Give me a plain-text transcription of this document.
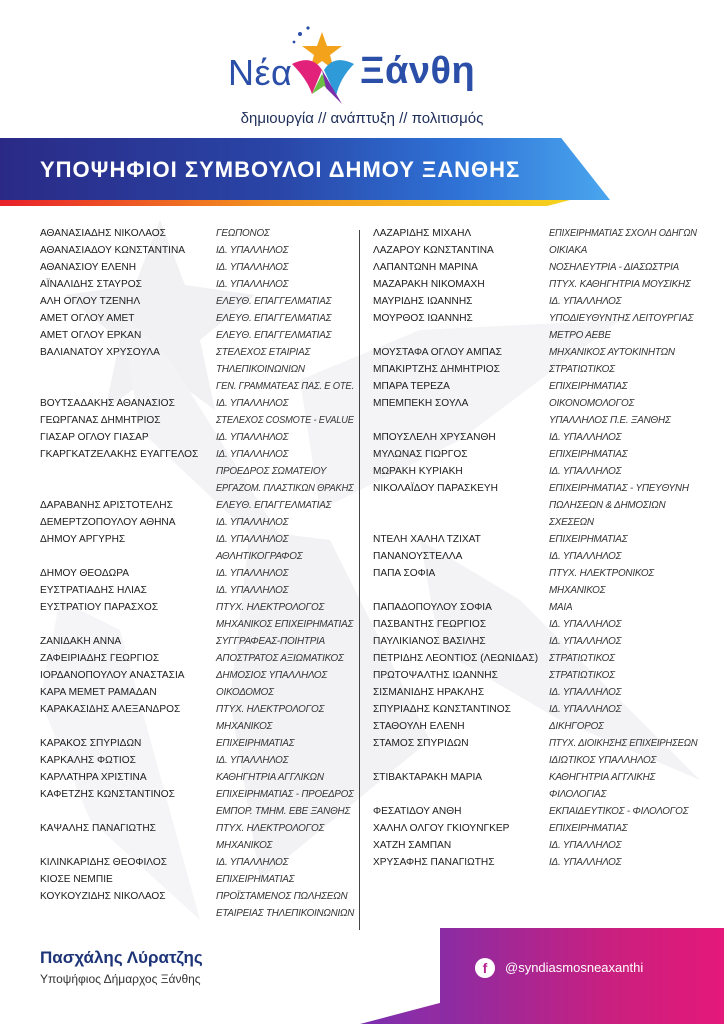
Νέα Ξάνθη
δημιουργία // ανάπτυξη // πολιτισμός
ΥΠΟΨΗΦΙΟΙ ΣΥΜΒΟΥΛΟΙ ΔΗΜΟΥ ΞΑΝΘΗΣ
ΑΘΑΝΑΣΙΑΔΗΣ ΝΙΚΟΛΑΟΣ	ΓΕΩΠΟΝΟΣ
ΑΘΑΝΑΣΙΑΔΟΥ ΚΩΝΣΤΑΝΤΙΝΑ	ΙΔ. ΥΠΑΛΛΗΛΟΣ
ΑΘΑΝΑΣΙΟΥ ΕΛΕΝΗ	ΙΔ. ΥΠΑΛΛΗΛΟΣ
ΑΪΝΑΛΙΔΗΣ ΣΤΑΥΡΟΣ	ΙΔ. ΥΠΑΛΛΗΛΟΣ
ΑΛΗ ΟΓΛΟΥ ΤΖΕΝΗΛ	ΕΛΕΥΘ. ΕΠΑΓΓΕΛΜΑΤΙΑΣ
ΑΜΕΤ ΟΓΛΟΥ ΑΜΕΤ	ΕΛΕΥΘ. ΕΠΑΓΓΕΛΜΑΤΙΑΣ
ΑΜΕΤ ΟΓΛΟΥ ΕΡΚΑΝ	ΕΛΕΥΘ. ΕΠΑΓΓΕΛΜΑΤΙΑΣ
ΒΑΛΙΑΝΑΤΟΥ ΧΡΥΣΟΥΛΑ	ΣΤΕΛΕΧΟΣ ΕΤΑΙΡΙΑΣ
ΤΗΛΕΠΙΚΟΙΝΩΝΙΩΝ
ΓΕΝ. ΓΡΑΜΜΑΤΕΑΣ ΠΑΣ. Ε ΟΤΕ.
ΒΟΥΤΣΑΔΑΚΗΣ ΑΘΑΝΑΣΙΟΣ	ΙΔ. ΥΠΑΛΛΗΛΟΣ
ΓΕΩΡΓΑΝΑΣ ΔΗΜΗΤΡΙΟΣ	ΣΤΕΛΕΧΟΣ COSMOTE - EVALUE
ΓΙΑΣΑΡ ΟΓΛΟΥ ΓΙΑΣΑΡ	ΙΔ. ΥΠΑΛΛΗΛΟΣ
ΓΚΑΡΓΚΑΤΖΕΛΑΚΗΣ ΕΥΑΓΓΕΛΟΣ	ΙΔ. ΥΠΑΛΛΗΛΟΣ
ΠΡΟΕΔΡΟΣ ΣΩΜΑΤΕΙΟΥ
ΕΡΓΑΖΟΜ. ΠΛΑΣΤΙΚΩΝ ΘΡΑΚΗΣ
ΔΑΡΑΒΑΝΗΣ ΑΡΙΣΤΟΤΕΛΗΣ	ΕΛΕΥΘ. ΕΠΑΓΓΕΛΜΑΤΙΑΣ
ΔΕΜΕΡΤΖΟΠΟΥΛΟΥ ΑΘΗΝΑ	ΙΔ. ΥΠΑΛΛΗΛΟΣ
ΔΗΜΟΥ ΑΡΓΥΡΗΣ	ΙΔ. ΥΠΑΛΛΗΛΟΣ
ΑΘΛΗΤΙΚΟΓΡΑΦΟΣ
ΔΗΜΟΥ ΘΕΟΔΩΡΑ	ΙΔ. ΥΠΑΛΛΗΛΟΣ
ΕΥΣΤΡΑΤΙΑΔΗΣ ΗΛΙΑΣ	ΙΔ. ΥΠΑΛΛΗΛΟΣ
ΕΥΣΤΡΑΤΙΟΥ ΠΑΡΑΣΧΟΣ	ΠΤΥΧ. ΗΛΕΚΤΡΟΛΟΓΟΣ
ΜΗΧΑΝΙΚΟΣ ΕΠΙΧΕΙΡΗΜΑΤΙΑΣ
ΖΑΝΙΔΑΚΗ ΑΝΝΑ	ΣΥΓΓΡΑΦΕΑΣ-ΠΟΙΗΤΡΙΑ
ΖΑΦΕΙΡΙΑΔΗΣ ΓΕΩΡΓΙΟΣ	ΑΠΟΣΤΡΑΤΟΣ ΑΞΙΩΜΑΤΙΚΟΣ
ΙΟΡΔΑΝΟΠΟΥΛΟΥ ΑΝΑΣΤΑΣΙΑ	ΔΗΜΟΣΙΟΣ ΥΠΑΛΛΗΛΟΣ
ΚΑΡΑ ΜΕΜΕΤ ΡΑΜΑΔΑΝ	ΟΙΚΟΔΟΜΟΣ
ΚΑΡΑΚΑΣΙΔΗΣ ΑΛΕΞΑΝΔΡΟΣ	ΠΤΥΧ. ΗΛΕΚΤΡΟΛΟΓΟΣ
ΜΗΧΑΝΙΚΟΣ
ΚΑΡΑΚΟΣ ΣΠΥΡΙΔΩΝ	ΕΠΙΧΕΙΡΗΜΑΤΙΑΣ
ΚΑΡΚΑΛΗΣ ΦΩΤΙΟΣ	ΙΔ. ΥΠΑΛΛΗΛΟΣ
ΚΑΡΛΑΤΗΡΑ ΧΡΙΣΤΙΝΑ	ΚΑΘΗΓΗΤΡΙΑ ΑΓΓΛΙΚΩΝ
ΚΑΦΕΤΖΗΣ ΚΩΝΣΤΑΝΤΙΝΟΣ	ΕΠΙΧΕΙΡΗΜΑΤΙΑΣ - ΠΡΟΕΔΡΟΣ
ΕΜΠΟΡ. ΤΜΗΜ. ΕΒΕ ΞΑΝΘΗΣ
ΚΑΨΑΛΗΣ ΠΑΝΑΓΙΩΤΗΣ	ΠΤΥΧ. ΗΛΕΚΤΡΟΛΟΓΟΣ
ΜΗΧΑΝΙΚΟΣ
ΚΙΛΙΝΚΑΡΙΔΗΣ ΘΕΟΦΙΛΟΣ	ΙΔ. ΥΠΑΛΛΗΛΟΣ
ΚΙΟΣΕ ΝΕΜΠΙΕ	ΕΠΙΧΕΙΡΗΜΑΤΙΑΣ
ΚΟΥΚΟΥΖΙΔΗΣ ΝΙΚΟΛΑΟΣ	ΠΡΟΪΣΤΑΜΕΝΟΣ ΠΩΛΗΣΕΩΝ
ΕΤΑΙΡΕΙΑΣ ΤΗΛΕΠΙΚΟΙΝΩΝΙΩΝ
ΛΑΖΑΡΙΔΗΣ ΜΙΧΑΗΛ	ΕΠΙΧΕΙΡΗΜΑΤΙΑΣ ΣΧΟΛΗ ΟΔΗΓΩΝ
ΛΑΖΑΡΟΥ ΚΩΝΣΤΑΝΤΙΝΑ	ΟΙΚΙΑΚΑ
ΛΑΠΑΝΤΩΝΗ ΜΑΡΙΝΑ	ΝΟΣΗΛΕΥΤΡΙΑ - ΔΙΑΣΩΣΤΡΙΑ
ΜΑΖΑΡΑΚΗ ΝΙΚΟΜΑΧΗ	ΠΤΥΧ. ΚΑΘΗΓΗΤΡΙΑ ΜΟΥΣΙΚΗΣ
ΜΑΥΡΙΔΗΣ ΙΩΑΝΝΗΣ	ΙΔ. ΥΠΑΛΛΗΛΟΣ
ΜΟΥΡΘΟΣ ΙΩΑΝΝΗΣ	ΥΠΟΔΙΕΥΘΥΝΤΗΣ ΛΕΙΤΟΥΡΓΙΑΣ
ΜΕΤΡΟ ΑΕΒΕ
ΜΟΥΣΤΑΦΑ ΟΓΛΟΥ ΑΜΠΑΣ	ΜΗΧΑΝΙΚΟΣ ΑΥΤΟΚΙΝΗΤΩΝ
ΜΠΑΚΙΡΤΖΗΣ ΔΗΜΗΤΡΙΟΣ	ΣΤΡΑΤΙΩΤΙΚΟΣ
ΜΠΑΡΑ ΤΕΡΕΖΑ	ΕΠΙΧΕΙΡΗΜΑΤΙΑΣ
ΜΠΕΜΠΕΚΗ ΣΟΥΛΑ	ΟΙΚΟΝΟΜΟΛΟΓΟΣ
ΥΠΑΛΛΗΛΟΣ Π.Ε. ΞΑΝΘΗΣ
ΜΠΟΥΣΛΕΛΗ ΧΡΥΣΑΝΘΗ	ΙΔ. ΥΠΑΛΛΗΛΟΣ
ΜΥΛΩΝΑΣ ΓΙΩΡΓΟΣ	ΕΠΙΧΕΙΡΗΜΑΤΙΑΣ
ΜΩΡΑΚΗ ΚΥΡΙΑΚΗ	ΙΔ. ΥΠΑΛΛΗΛΟΣ
ΝΙΚΟΛΑΪΔΟΥ ΠΑΡΑΣΚΕΥΗ	ΕΠΙΧΕΙΡΗΜΑΤΙΑΣ - ΥΠΕΥΘΥΝΗ
ΠΩΛΗΣΕΩΝ & ΔΗΜΟΣΙΩΝ
ΣΧΕΣΕΩΝ
ΝΤΕΛΗ ΧΑΛΗΛ ΤΖΙΧΑΤ	ΕΠΙΧΕΙΡΗΜΑΤΙΑΣ
ΠΑΝΑΝΟΥΣΤΕΛΛΑ	ΙΔ. ΥΠΑΛΛΗΛΟΣ
ΠΑΠΑ ΣΟΦΙΑ	ΠΤΥΧ. ΗΛΕΚΤΡΟΝΙΚΟΣ
ΜΗΧΑΝΙΚΟΣ
ΠΑΠΑΔΟΠΟΥΛΟΥ ΣΟΦΙΑ	ΜΑΙΑ
ΠΑΣΒΑΝΤΗΣ ΓΕΩΡΓΙΟΣ	ΙΔ. ΥΠΑΛΛΗΛΟΣ
ΠΑΥΛΙΚΙΑΝΟΣ ΒΑΣΙΛΗΣ	ΙΔ. ΥΠΑΛΛΗΛΟΣ
ΠΕΤΡΙΔΗΣ ΛΕΟΝΤΙΟΣ (ΛΕΩΝΙΔΑΣ)	ΣΤΡΑΤΙΩΤΙΚΟΣ
ΠΡΩΤΟΨΑΛΤΗΣ ΙΩΑΝΝΗΣ	ΣΤΡΑΤΙΩΤΙΚΟΣ
ΣΙΣΜΑΝΙΔΗΣ ΗΡΑΚΛΗΣ	ΙΔ. ΥΠΑΛΛΗΛΟΣ
ΣΠΥΡΙΑΔΗΣ ΚΩΝΣΤΑΝΤΙΝΟΣ	ΙΔ. ΥΠΑΛΛΗΛΟΣ
ΣΤΑΘΟΥΛΗ ΕΛΕΝΗ	ΔΙΚΗΓΟΡΟΣ
ΣΤΑΜΟΣ ΣΠΥΡΙΔΩΝ	ΠΤΥΧ. ΔΙΟΙΚΗΣΗΣ ΕΠΙΧΕΙΡΗΣΕΩΝ
ΙΔΙΩΤΙΚΟΣ ΥΠΑΛΛΗΛΟΣ
ΣΤΙΒΑΚΤΑΡΑΚΗ ΜΑΡΙΑ	ΚΑΘΗΓΗΤΡΙΑ ΑΓΓΛΙΚΗΣ
ΦΙΛΟΛΟΓΙΑΣ
ΦΕΣΑΤΙΔΟΥ ΑΝΘΗ	ΕΚΠΑΙΔΕΥΤΙΚΟΣ - ΦΙΛΟΛΟΓΟΣ
ΧΑΛΗΛ ΟΛΓΟΥ ΓΚΙΟΥΝΓΚΕΡ	ΕΠΙΧΕΙΡΗΜΑΤΙΑΣ
ΧΑΤΖΗ ΣΑΜΠΑΝ	ΙΔ. ΥΠΑΛΛΗΛΟΣ
ΧΡΥΣΑΦΗΣ ΠΑΝΑΓΙΩΤΗΣ	ΙΔ. ΥΠΑΛΛΗΛΟΣ
Πασχάλης Λύρατζης
Υποψήφιος Δήμαρχος Ξάνθης
f	@syndiasmosneaxanthi
